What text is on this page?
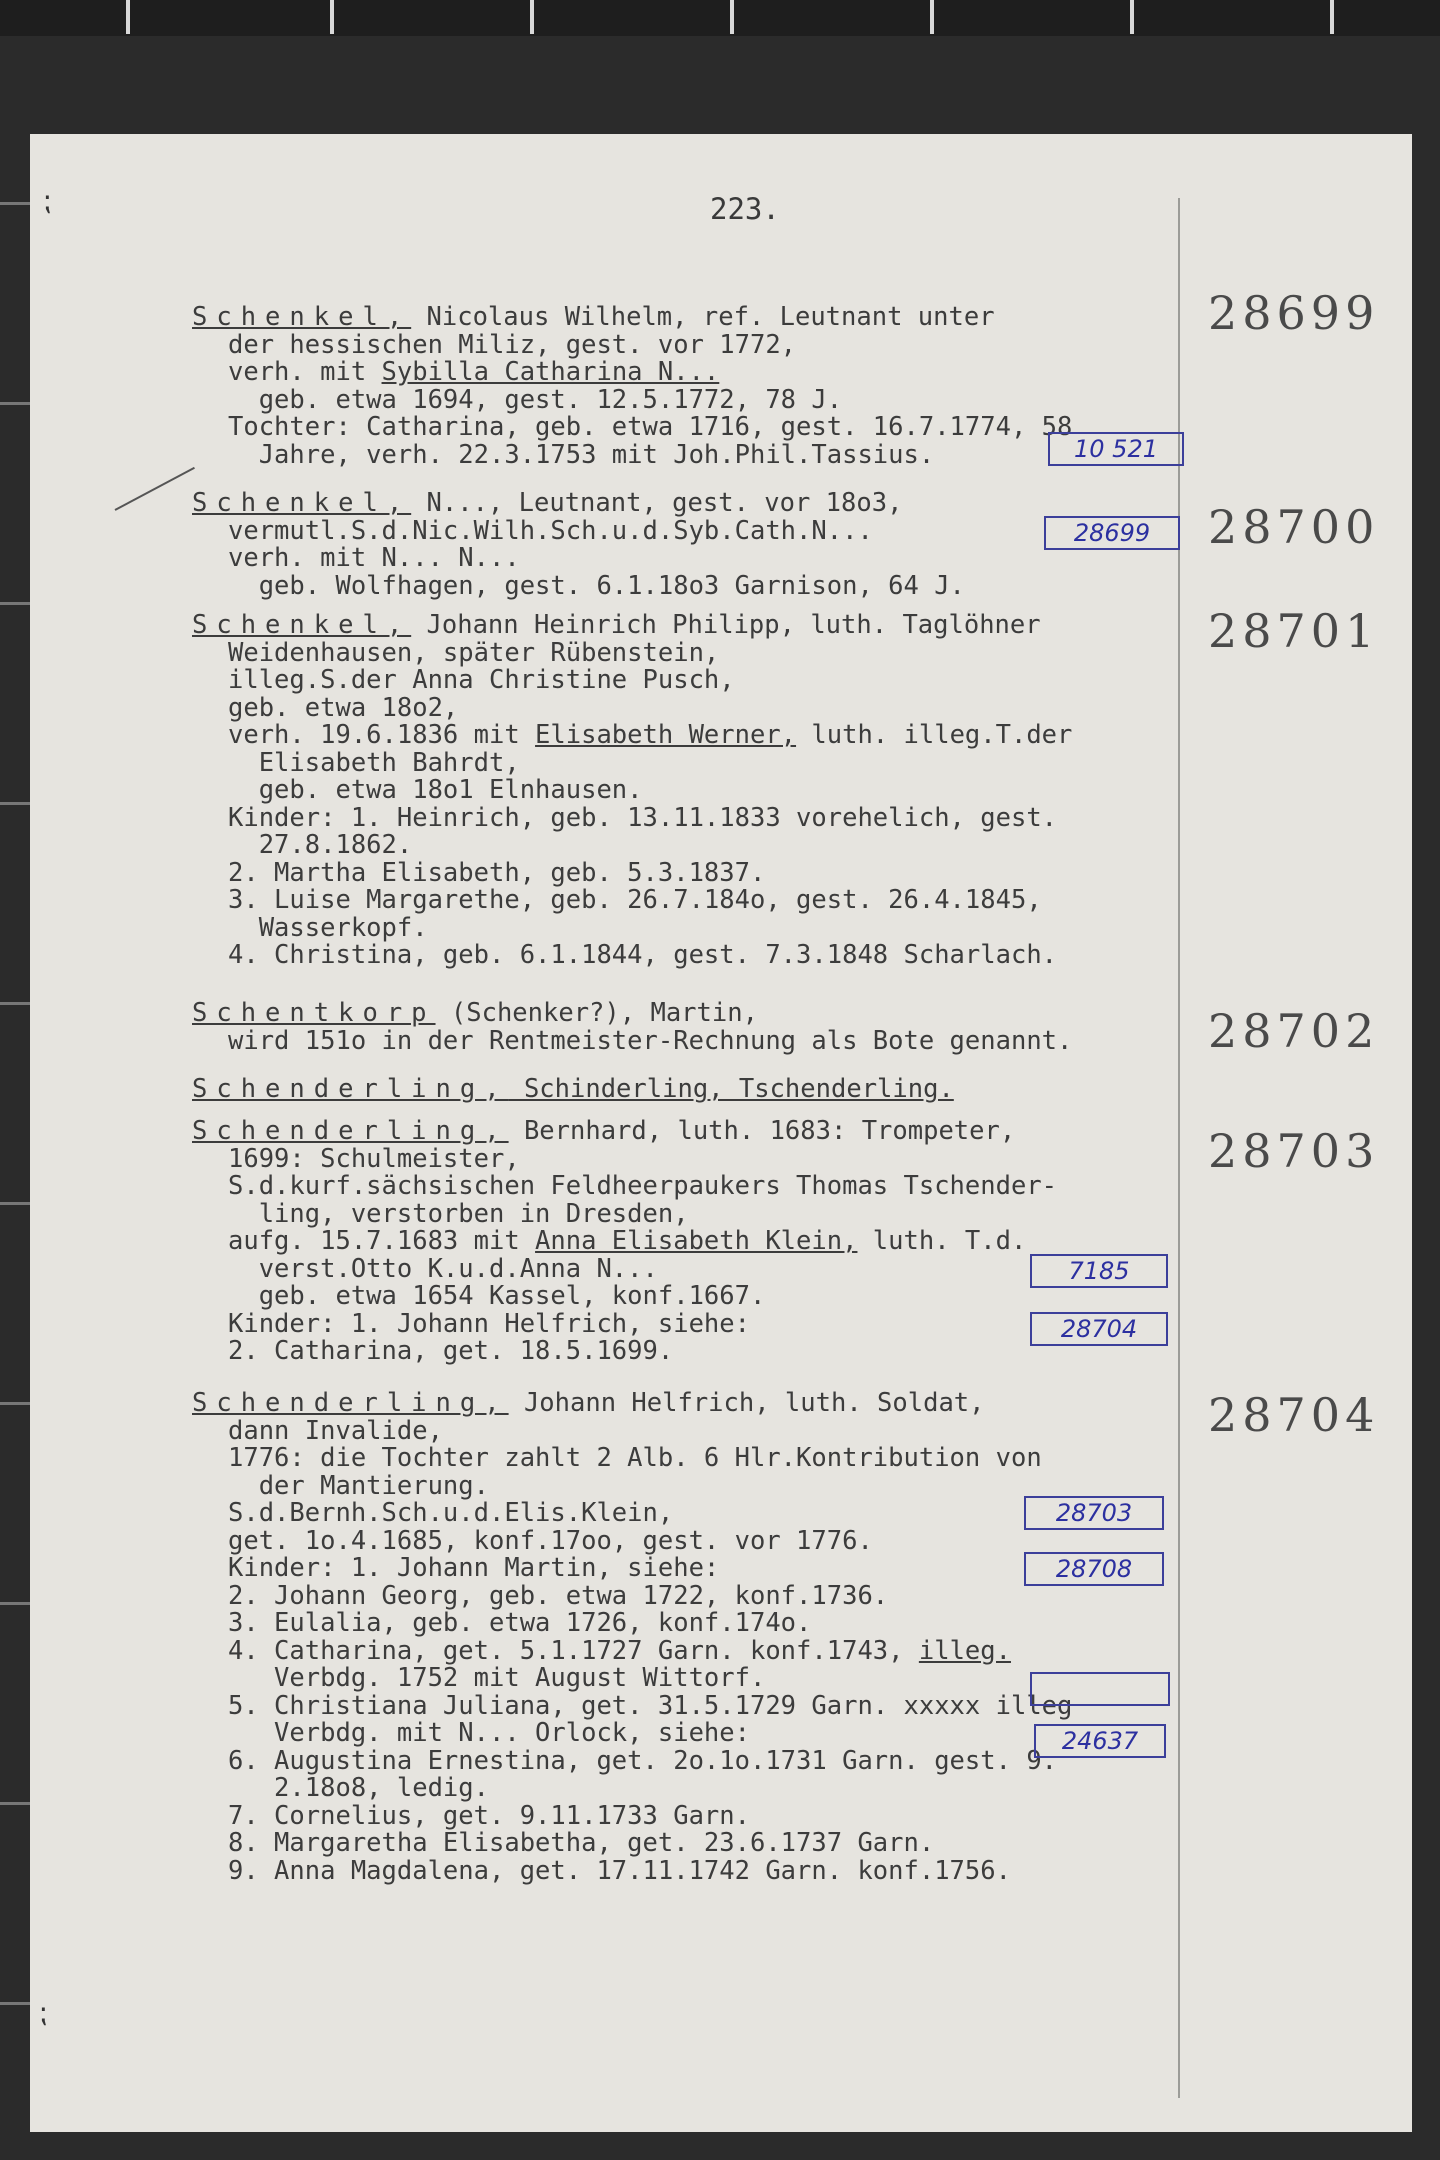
223.
⁏
⁏
28699
Schenkel, Nicolaus Wilhelm, ref. Leutnant unter
der hessischen Miliz, gest. vor 1772,
verh. mit Sybilla Catharina N...
geb. etwa 1694, gest. 12.5.1772, 78 J.
Tochter: Catharina, geb. etwa 1716, gest. 16.7.1774, 58
Jahre, verh. 22.3.1753 mit Joh.Phil.Tassius.	10 521
28700
Schenkel, N..., Leutnant, gest. vor 18o3,
vermutl.S.d.Nic.Wilh.Sch.u.d.Syb.Cath.N...
verh. mit N... N...
geb. Wolfhagen, gest. 6.1.18o3 Garnison, 64 J.
28699
28701
Schenkel, Johann Heinrich Philipp, luth. Taglöhner
Weidenhausen, später Rübenstein,
illeg.S.der Anna Christine Pusch,
geb. etwa 18o2,
verh. 19.6.1836 mit Elisabeth Werner, luth. illeg.T.der
Elisabeth Bahrdt,
geb. etwa 18o1 Elnhausen.
Kinder: 1. Heinrich, geb. 13.11.1833 vorehelich, gest.
27.8.1862.
2. Martha Elisabeth, geb. 5.3.1837.
3. Luise Margarethe, geb. 26.7.184o, gest. 26.4.1845,
Wasserkopf.
4. Christina, geb. 6.1.1844, gest. 7.3.1848 Scharlach.
28702
Schentkorp (Schenker?), Martin,
wird 151o in der Rentmeister-Rechnung als Bote genannt.
Schenderling, Schinderling, Tschenderling.
28703
Schenderling, Bernhard, luth. 1683: Trompeter,
1699: Schulmeister,
S.d.kurf.sächsischen Feldheerpaukers Thomas Tschender-
ling, verstorben in Dresden,
aufg. 15.7.1683 mit Anna Elisabeth Klein, luth. T.d.
verst.Otto K.u.d.Anna N...
geb. etwa 1654 Kassel, konf.1667.
Kinder: 1. Johann Helfrich, siehe:
2. Catharina, get. 18.5.1699.
7185
28704
28704
Schenderling, Johann Helfrich, luth. Soldat,
dann Invalide,
1776: die Tochter zahlt 2 Alb. 6 Hlr.Kontribution von
der Mantierung.
S.d.Bernh.Sch.u.d.Elis.Klein,
get. 1o.4.1685, konf.17oo, gest. vor 1776.
Kinder: 1. Johann Martin, siehe:
2. Johann Georg, geb. etwa 1722, konf.1736.
3. Eulalia, geb. etwa 1726, konf.174o.
4. Catharina, get. 5.1.1727 Garn. konf.1743, illeg.
Verbdg. 1752 mit August Wittorf.
5. Christiana Juliana, get. 31.5.1729 Garn. xxxxx illeg
Verbdg. mit N... Orlock, siehe:
6. Augustina Ernestina, get. 2o.1o.1731 Garn. gest. 9.
2.18o8, ledig.
7. Cornelius, get. 9.11.1733 Garn.
8. Margaretha Elisabetha, get. 23.6.1737 Garn.
9. Anna Magdalena, get. 17.11.1742 Garn. konf.1756.
28703
28708
24637
